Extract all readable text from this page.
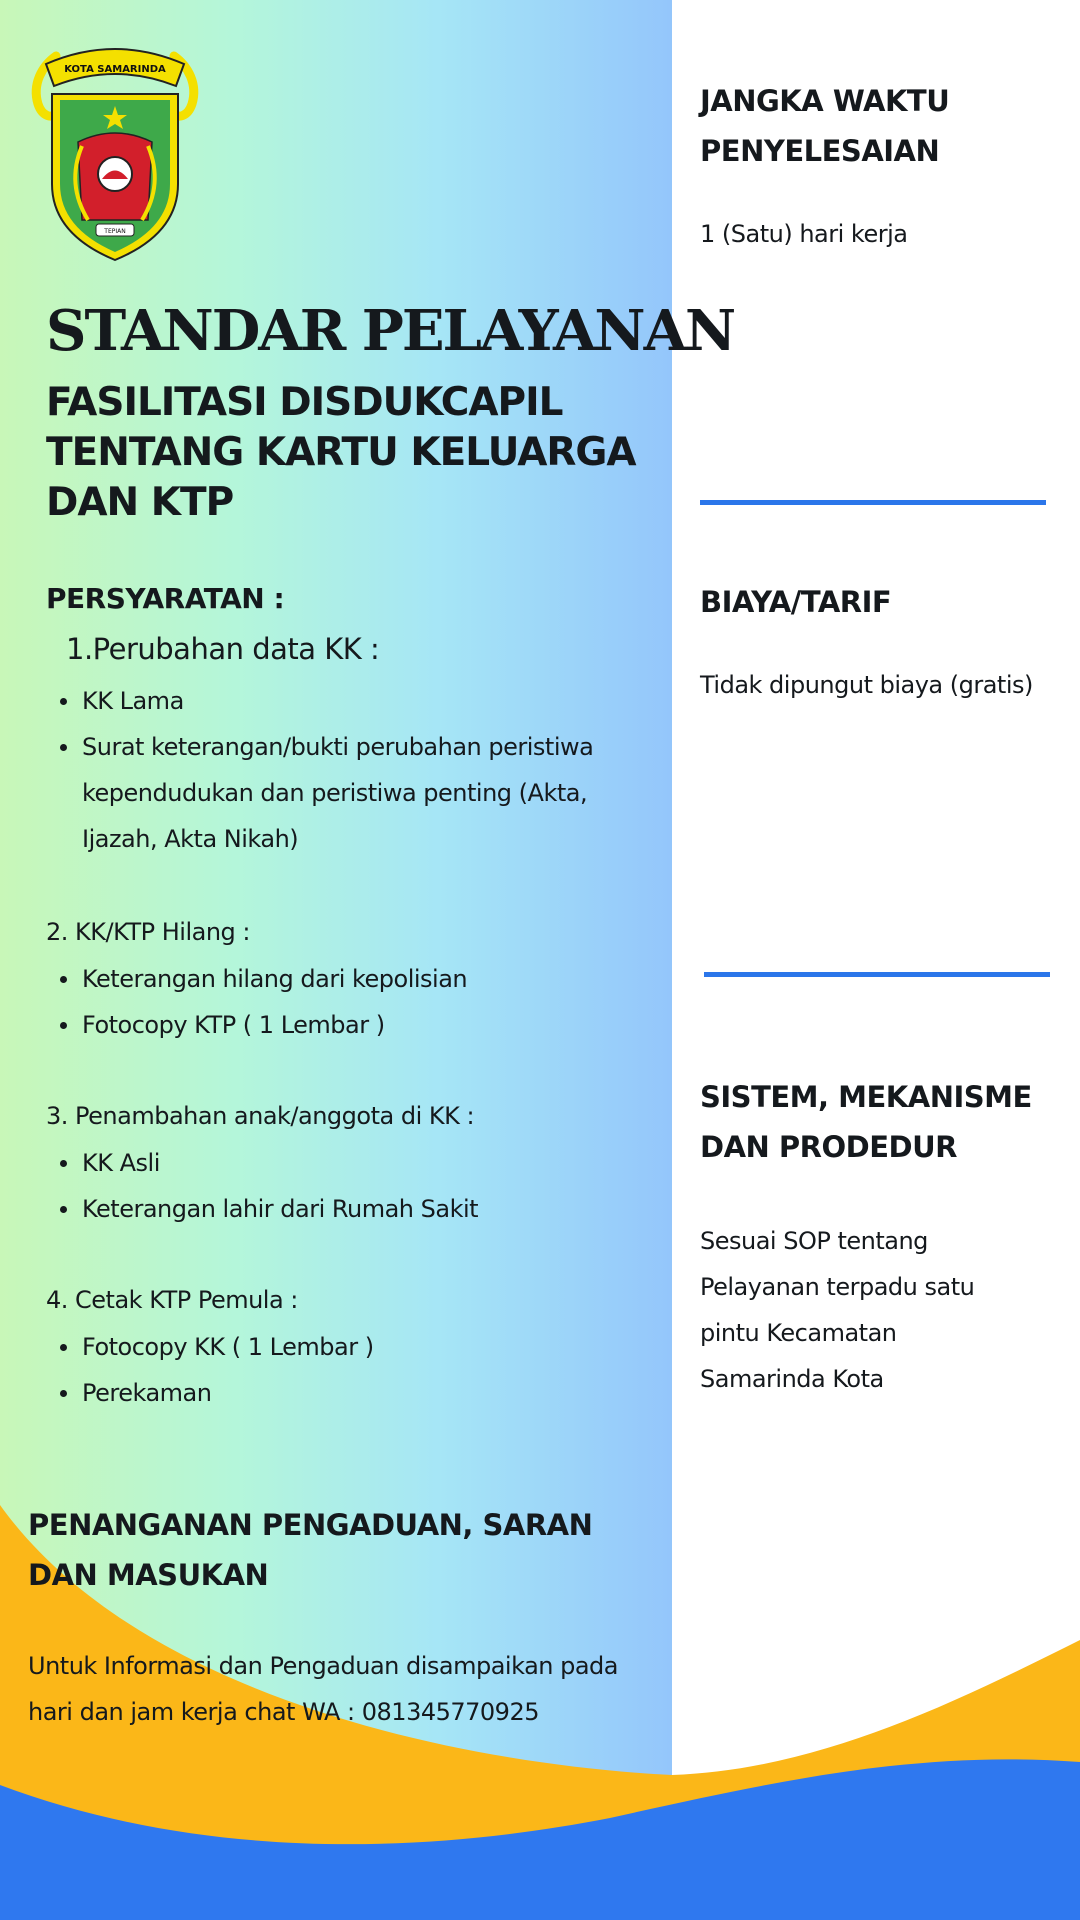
KOTA SAMARINDA
TEPIAN
STANDAR PELAYANAN
FASILITASI DISDUKCAPIL TENTANG KARTU KELUARGA DAN KTP
PERSYARATAN :
1.Perubahan data KK :
KK Lama
Surat keterangan/bukti perubahan peristiwa kependudukan dan peristiwa penting (Akta, Ijazah, Akta Nikah)
2. KK/KTP Hilang :
Keterangan hilang dari kepolisian
Fotocopy KTP ( 1 Lembar )
3. Penambahan anak/anggota di KK :
KK Asli
Keterangan lahir dari Rumah Sakit
4. Cetak KTP Pemula :
Fotocopy KK ( 1 Lembar )
Perekaman
PENANGANAN PENGADUAN, SARAN DAN MASUKAN

Untuk Informasi dan Pengaduan disampaikan pada hari dan jam kerja chat WA : 081345770925

JANGKA WAKTU PENYELESAIAN

1 (Satu) hari kerja

BIAYA/TARIF

Tidak dipungut biaya (gratis)

SISTEM, MEKANISME DAN PRODEDUR

Sesuai SOP tentang Pelayanan terpadu satu pintu Kecamatan Samarinda Kota
